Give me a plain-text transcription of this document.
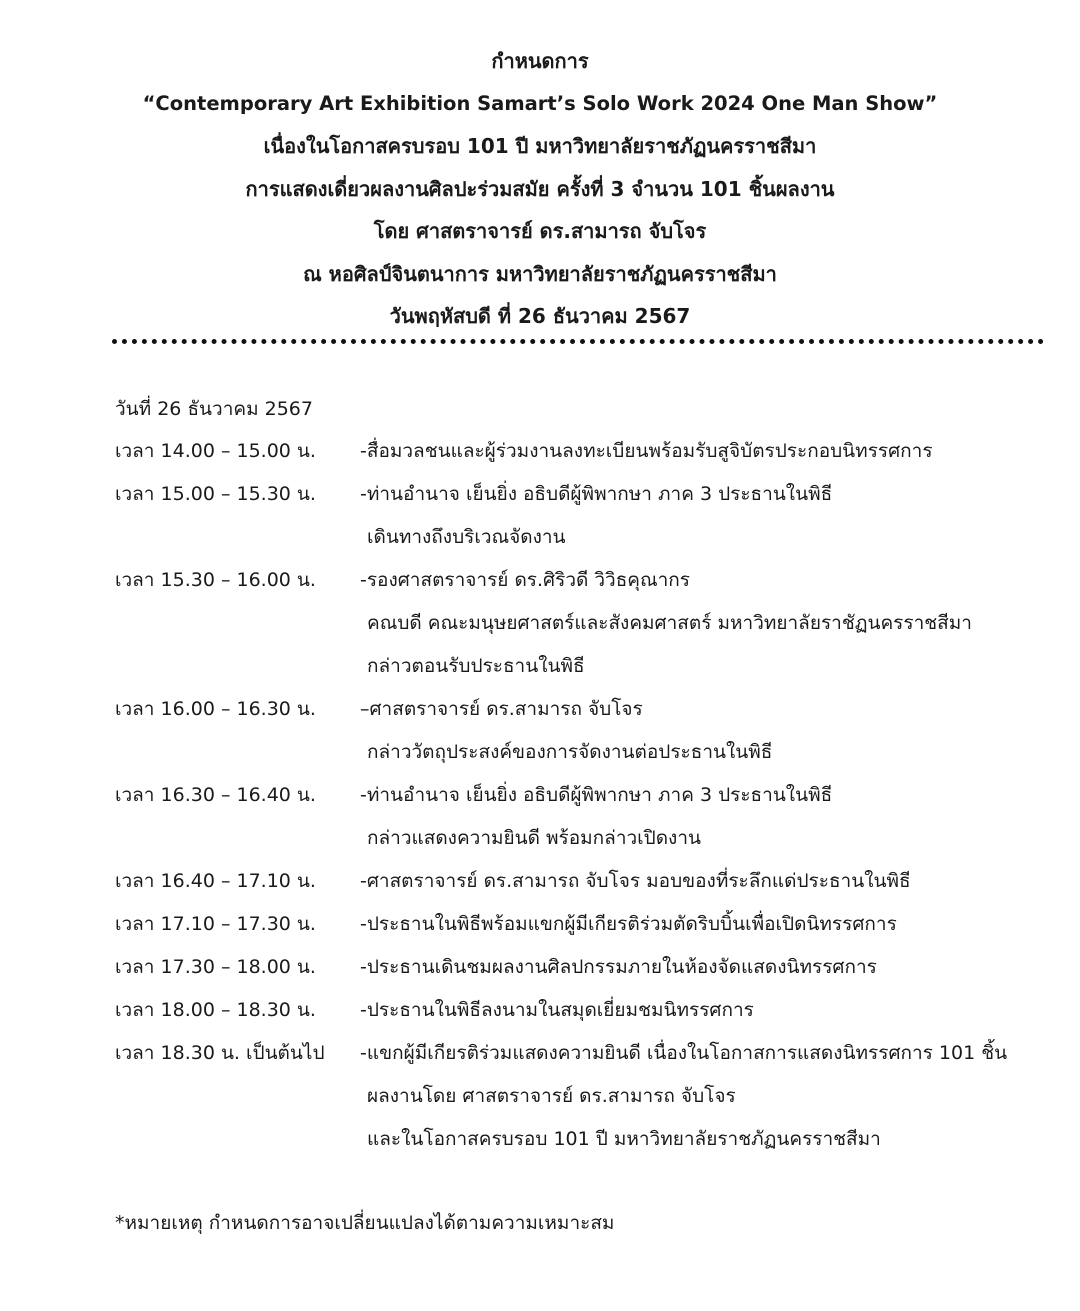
กำหนดการ
“Contemporary Art Exhibition Samart’s Solo Work 2024 One Man Show”
เนื่องในโอกาสครบรอบ 101 ปี มหาวิทยาลัยราชภัฏนครราชสีมา
การแสดงเดี่ยวผลงานศิลปะร่วมสมัย ครั้งที่ 3 จำนวน 101 ชิ้นผลงาน
โดย ศาสตราจารย์ ดร.สามารถ จับโจร
ณ หอศิลป์จินตนาการ มหาวิทยาลัยราชภัฏนครราชสีมา
วันพฤหัสบดี ที่ 26 ธันวาคม 2567
วันที่ 26 ธันวาคม 2567
เวลา 14.00 – 15.00 น. -สื่อมวลชนและผู้ร่วมงานลงทะเบียนพร้อมรับสูจิบัตรประกอบนิทรรศการ
เวลา 15.00 – 15.30 น. -ท่านอำนาจ เย็นยิ่ง อธิบดีผู้พิพากษา ภาค 3 ประธานในพิธี
เดินทางถึงบริเวณจัดงาน
เวลา 15.30 – 16.00 น. -รองศาสตราจารย์ ดร.ศิริวดี วิวิธคุณากร
คณบดี คณะมนุษยศาสตร์และสังคมศาสตร์ มหาวิทยาลัยราชัฏนครราชสีมา
กล่าวตอนรับประธานในพิธี
เวลา 16.00 – 16.30 น. –ศาสตราจารย์ ดร.สามารถ จับโจร
กล่าววัตถุประสงค์ของการจัดงานต่อประธานในพิธี
เวลา 16.30 – 16.40 น. -ท่านอำนาจ เย็นยิ่ง อธิบดีผู้พิพากษา ภาค 3 ประธานในพิธี
กล่าวแสดงความยินดี พร้อมกล่าวเปิดงาน
เวลา 16.40 – 17.10 น. -ศาสตราจารย์ ดร.สามารถ จับโจร มอบของที่ระลึกแด่ประธานในพิธี
เวลา 17.10 – 17.30 น. -ประธานในพิธีพร้อมแขกผู้มีเกียรติร่วมตัดริบบิ้นเพื่อเปิดนิทรรศการ
เวลา 17.30 – 18.00 น. -ประธานเดินชมผลงานศิลปกรรมภายในห้องจัดแสดงนิทรรศการ
เวลา 18.00 – 18.30 น. -ประธานในพิธีลงนามในสมุดเยี่ยมชมนิทรรศการ
เวลา 18.30 น. เป็นต้นไป -แขกผู้มีเกียรติร่วมแสดงความยินดี เนื่องในโอกาสการแสดงนิทรรศการ 101 ชิ้น
ผลงานโดย ศาสตราจารย์ ดร.สามารถ จับโจร
และในโอกาสครบรอบ 101 ปี มหาวิทยาลัยราชภัฏนครราชสีมา
*หมายเหตุ กำหนดการอาจเปลี่ยนแปลงได้ตามความเหมาะสม
